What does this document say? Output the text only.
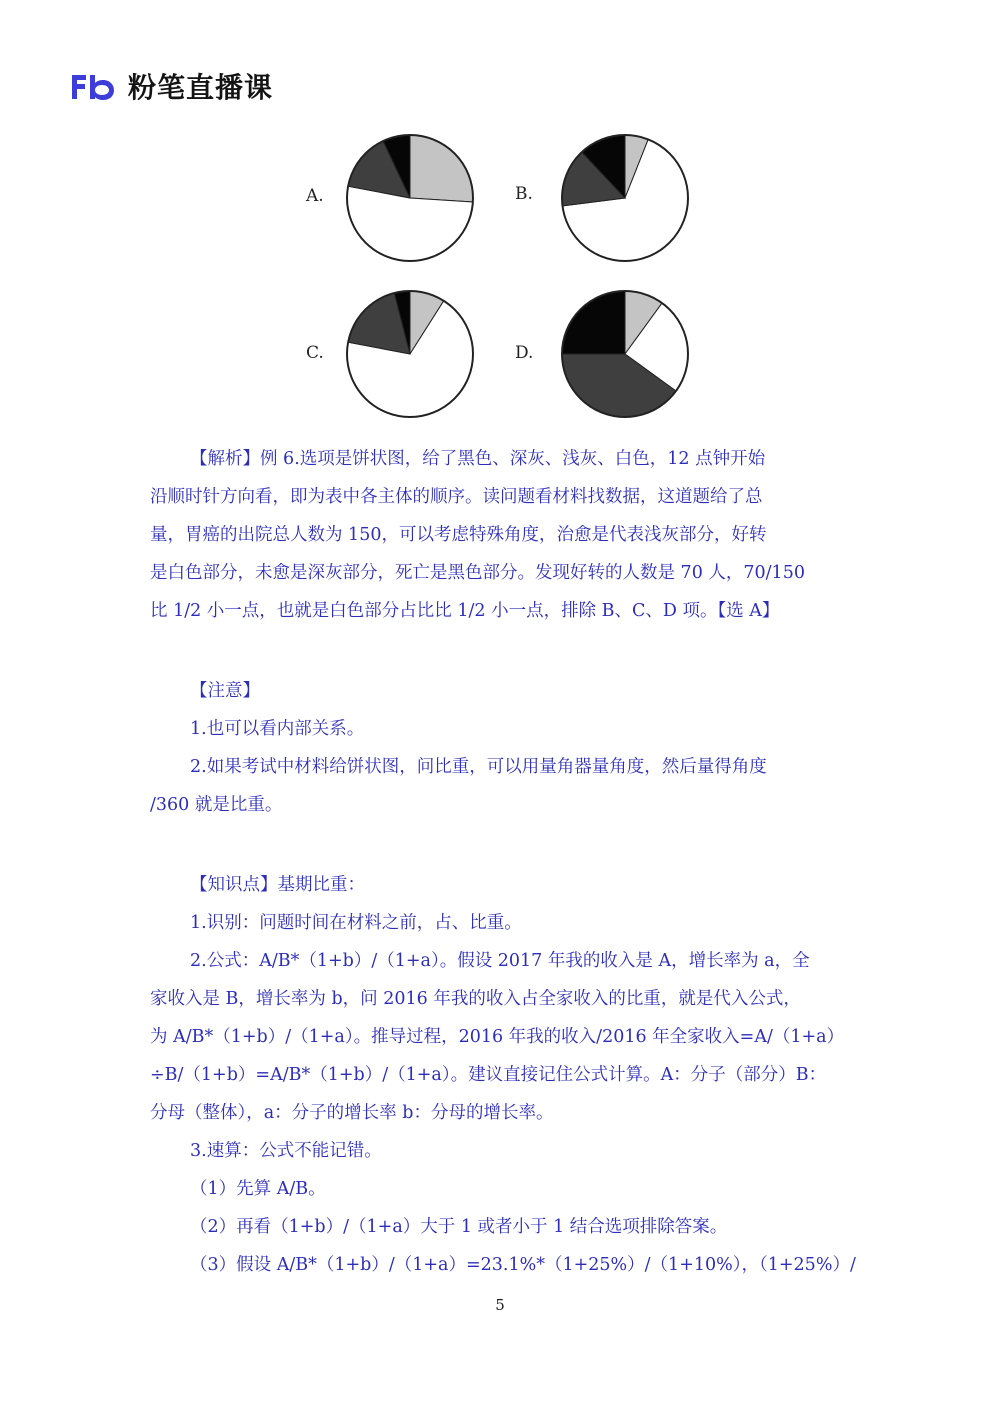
粉笔直播课
A.	B.
C.	D.
【解析】例 6.选项是饼状图，给了黑色、深灰、浅灰、白色，12 点钟开始
沿顺时针方向看，即为表中各主体的顺序。读问题看材料找数据，这道题给了总
量，胃癌的出院总人数为 150，可以考虑特殊角度，治愈是代表浅灰部分，好转
是白色部分，未愈是深灰部分，死亡是黑色部分。发现好转的人数是 70 人，70/150
比 1/2 小一点，也就是白色部分占比比 1/2 小一点，排除 B、C、D 项。【选 A】
【注意】
1.也可以看内部关系。
2.如果考试中材料给饼状图，问比重，可以用量角器量角度，然后量得角度
/360 就是比重。
【知识点】基期比重：
1.识别：问题时间在材料之前，占、比重。
2.公式：A/B*（1+b）/（1+a）。假设 2017 年我的收入是 A，增长率为 a，全
家收入是 B，增长率为 b，问 2016 年我的收入占全家收入的比重，就是代入公式，
为 A/B*（1+b）/（1+a）。推导过程，2016 年我的收入/2016 年全家收入=A/（1+a）
÷B/（1+b）=A/B*（1+b）/（1+a）。建议直接记住公式计算。A：分子（部分）B：
分母（整体），a：分子的增长率 b：分母的增长率。
3.速算：公式不能记错。
（1）先算 A/B。
（2）再看（1+b）/（1+a）大于 1 或者小于 1 结合选项排除答案。
（3）假设 A/B*（1+b）/（1+a）=23.1%*（1+25%）/（1+10%），（1+25%）/
5
